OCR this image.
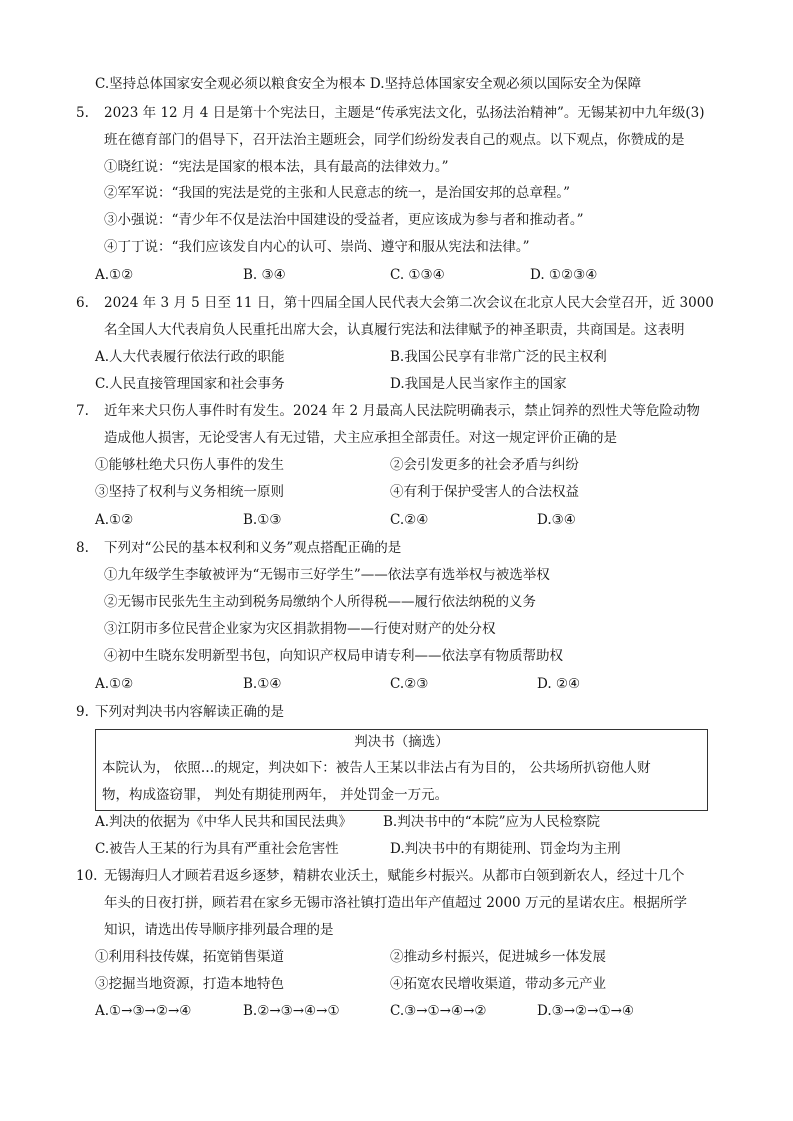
C.坚持总体国家安全观必须以粮食安全为根本 D.坚持总体国家安全观必须以国际安全为保障
5. 2023 年 12 月 4 日是第十个宪法日，主题是“传承宪法文化，弘扬法治精神”。无锡某初中九年级(3)
班在德育部门的倡导下，召开法治主题班会，同学们纷纷发表自己的观点。以下观点，你赞成的是
①晓红说：“宪法是国家的根本法，具有最高的法律效力。”
②军军说：“我国的宪法是党的主张和人民意志的统一，是治国安邦的总章程。”
③小强说：“青少年不仅是法治中国建设的受益者，更应该成为参与者和推动者。”
④丁丁说：“我们应该发自内心的认可、崇尚、遵守和服从宪法和法律。”
A.①②	B. ③④	C. ①③④	D. ①②③④
6. 2024 年 3 月 5 日至 11 日，第十四届全国人民代表大会第二次会议在北京人民大会堂召开，近 3000
名全国人大代表肩负人民重托出席大会，认真履行宪法和法律赋予的神圣职责，共商国是。这表明
A.人大代表履行依法行政的职能	B.我国公民享有非常广泛的民主权利
C.人民直接管理国家和社会事务	D.我国是人民当家作主的国家
7. 近年来犬只伤人事件时有发生。2024 年 2 月最高人民法院明确表示，禁止饲养的烈性犬等危险动物
造成他人损害，无论受害人有无过错，犬主应承担全部责任。对这一规定评价正确的是
①能够杜绝犬只伤人事件的发生	②会引发更多的社会矛盾与纠纷
③坚持了权利与义务相统一原则	④有利于保护受害人的合法权益
A.①②	B.①③	C.②④	D.③④
8. 下列对“公民的基本权利和义务”观点搭配正确的是
①九年级学生李敏被评为“无锡市三好学生”——依法享有选举权与被选举权
②无锡市民张先生主动到税务局缴纳个人所得税——履行依法纳税的义务
③江阴市多位民营企业家为灾区捐款捐物——行使对财产的处分权
④初中生晓东发明新型书包，向知识产权局申请专利——依法享有物质帮助权
A.①②	B.①④	C.②③	D. ②④
9. 下列对判决书内容解读正确的是
判决书（摘选）
本院认为， 依照…的规定，判决如下：被告人王某以非法占有为目的， 公共场所扒窃他人财
物，构成盗窃罪， 判处有期徒刑两年， 并处罚金一万元。
A.判决的依据为《中华人民共和国民法典》 B.判决书中的“本院”应为人民检察院
C.被告人王某的行为具有严重社会危害性	D.判决书中的有期徒刑、罚金均为主刑
10. 无锡海归人才顾若君返乡逐梦，精耕农业沃土，赋能乡村振兴。从都市白领到新农人，经过十几个
年头的日夜打拼，顾若君在家乡无锡市洛社镇打造出年产值超过 2000 万元的星诺农庄。根据所学
知识，请选出传导顺序排列最合理的是
①利用科技传媒，拓宽销售渠道	②推动乡村振兴，促进城乡一体发展
③挖掘当地资源，打造本地特色	④拓宽农民增收渠道，带动多元产业
A.①→③→②→④	B.②→③→④→①	C.③→①→④→②	D.③→②→①→④
